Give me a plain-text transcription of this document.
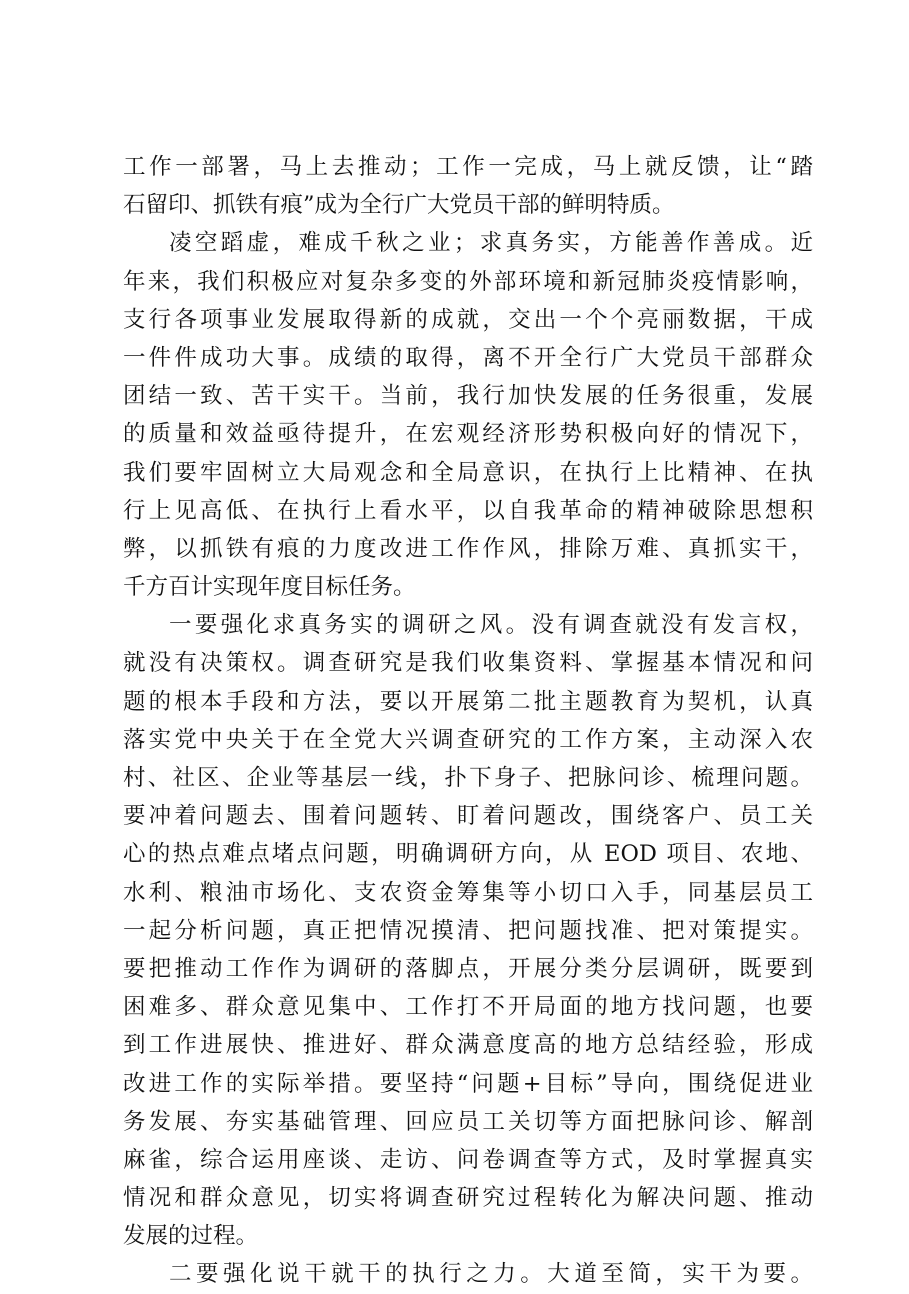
工作一部署，马上去推动；工作一完成，马上就反馈，让“踏
石留印、抓铁有痕”成为全行广大党员干部的鲜明特质。
凌空蹈虚，难成千秋之业；求真务实，方能善作善成。近
年来，我们积极应对复杂多变的外部环境和新冠肺炎疫情影响，
支行各项事业发展取得新的成就，交出一个个亮丽数据，干成
一件件成功大事。成绩的取得，离不开全行广大党员干部群众
团结一致、苦干实干。当前，我行加快发展的任务很重，发展
的质量和效益亟待提升，在宏观经济形势积极向好的情况下，
我们要牢固树立大局观念和全局意识，在执行上比精神、在执
行上见高低、在执行上看水平，以自我革命的精神破除思想积
弊，以抓铁有痕的力度改进工作作风，排除万难、真抓实干，
千方百计实现年度目标任务。
一要强化求真务实的调研之风。没有调查就没有发言权，
就没有决策权。调查研究是我们收集资料、掌握基本情况和问
题的根本手段和方法，要以开展第二批主题教育为契机，认真
落实党中央关于在全党大兴调查研究的工作方案，主动深入农
村、社区、企业等基层一线，扑下身子、把脉问诊、梳理问题。
要冲着问题去、围着问题转、盯着问题改，围绕客户、员工关
心的热点难点堵点问题，明确调研方向，从 EOD 项目、农地、
水利、粮油市场化、支农资金筹集等小切口入手，同基层员工
一起分析问题，真正把情况摸清、把问题找准、把对策提实。
要把推动工作作为调研的落脚点，开展分类分层调研，既要到
困难多、群众意见集中、工作打不开局面的地方找问题，也要
到工作进展快、推进好、群众满意度高的地方总结经验，形成
改进工作的实际举措。要坚持“问题+目标”导向，围绕促进业
务发展、夯实基础管理、回应员工关切等方面把脉问诊、解剖
麻雀，综合运用座谈、走访、问卷调查等方式，及时掌握真实
情况和群众意见，切实将调查研究过程转化为解决问题、推动
发展的过程。
二要强化说干就干的执行之力。大道至简，实干为要。
